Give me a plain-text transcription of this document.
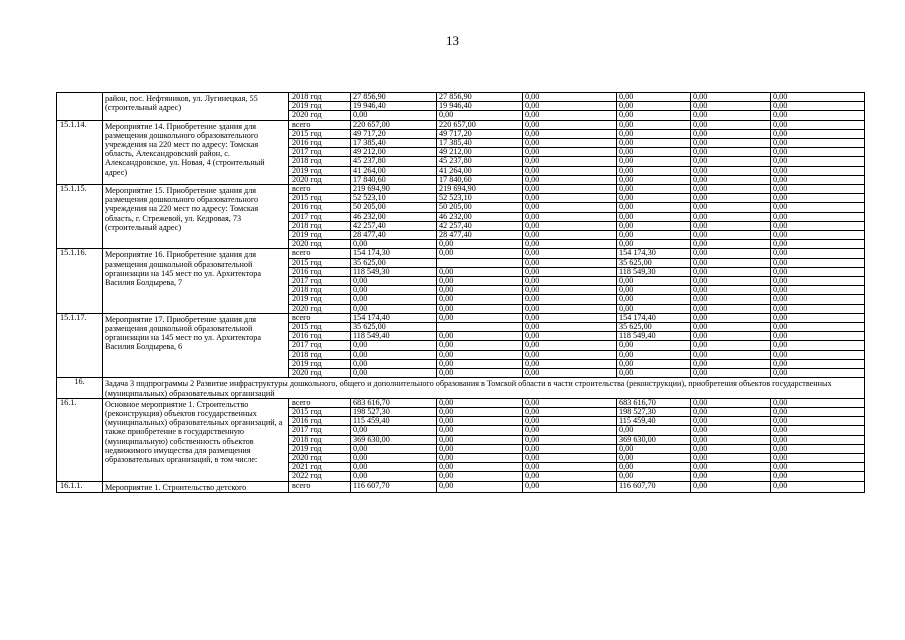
13
	район, пос. Нефтяников, ул. Лугинецкая, 55 (строительный адрес)	2018 год	27 856,90	27 856,90	0,00	0,00	0,00	0,00
		2019 год	19 946,40	19 946,40	0,00	0,00	0,00	0,00
		2020 год	0,00	0,00	0,00	0,00	0,00	0,00
15.1.14.	Мероприятие 14. Приобретение здания для размещения дошкольного образовательного учреждения на 220 мест по адресу: Томская область, Александровский район, с. Александровское, ул. Новая, 4 (строительный адрес)	всего	220 657,00	220 657,00	0,00	0,00	0,00	0,00
		2015 год	49 717,20	49 717,20	0,00	0,00	0,00	0,00
		2016 год	17 385,40	17 385,40	0,00	0,00	0,00	0,00
		2017 год	49 212,00	49 212,00	0,00	0,00	0,00	0,00
		2018 год	45 237,80	45 237,80	0,00	0,00	0,00	0,00
		2019 год	41 264,00	41 264,00	0,00	0,00	0,00	0,00
		2020 год	17 840,60	17 840,60	0,00	0,00	0,00	0,00
15.1.15.	Мероприятие 15. Приобретение здания для размещения дошкольного образовательного учреждения на 220 мест по адресу: Томская область, г. Стрежевой, ул. Кедровая, 73 (строительный адрес)	всего	219 694,90	219 694,90	0,00	0,00	0,00	0,00
		2015 год	52 523,10	52 523,10	0,00	0,00	0,00	0,00
		2016 год	50 205,00	50 205,00	0,00	0,00	0,00	0,00
		2017 год	46 232,00	46 232,00	0,00	0,00	0,00	0,00
		2018 год	42 257,40	42 257,40	0,00	0,00	0,00	0,00
		2019 год	28 477,40	28 477,40	0,00	0,00	0,00	0,00
		2020 год	0,00	0,00	0,00	0,00	0,00	0,00
15.1.16.	Мероприятие 16. Приобретение здания для размещения дошкольной образовательной организации на 145 мест по ул. Архитектора Василия Болдырева, 7	всего	154 174,30	0,00	0,00	154 174,30	0,00	0,00
		2015 год	35 625,00		0,00	35 625,00	0,00	0,00
		2016 год	118 549,30	0,00	0,00	118 549,30	0,00	0,00
		2017 год	0,00	0,00	0,00	0,00	0,00	0,00
		2018 год	0,00	0,00	0,00	0,00	0,00	0,00
		2019 год	0,00	0,00	0,00	0,00	0,00	0,00
		2020 год	0,00	0,00	0,00	0,00	0,00	0,00
15.1.17.	Мероприятие 17. Приобретение здания для размещения дошкольной образовательной организации на 145 мест по ул. Архитектора Василия Болдырева, 6	всего	154 174,40	0,00	0,00	154 174,40	0,00	0,00
		2015 год	35 625,00		0,00	35 625,00	0,00	0,00
		2016 год	118 549,40	0,00	0,00	118 549,40	0,00	0,00
		2017 год	0,00	0,00	0,00	0,00	0,00	0,00
		2018 год	0,00	0,00	0,00	0,00	0,00	0,00
		2019 год	0,00	0,00	0,00	0,00	0,00	0,00
		2020 год	0,00	0,00	0,00	0,00	0,00	0,00
16.	Задача 3 подпрограммы 2 Развитие инфраструктуры дошкольного, общего и дополнительного образования в Томской области в части строительства (реконструкции), приобретения объектов государственных (муниципальных) образовательных организаций							
16.1.	Основное мероприятие 1. Строительство (реконструкция) объектов государственных (муниципальных) образовательных организаций, а также приобретение в государственную (муниципальную) собственность объектов недвижимого имущества для размещения образовательных организаций, в том числе:	всего	683 616,70	0,00	0,00	683 616,70	0,00	0,00
		2015 год	198 527,30	0,00	0,00	198 527,30	0,00	0,00
		2016 год	115 459,40	0,00	0,00	115 459,40	0,00	0,00
		2017 год	0,00	0,00	0,00	0,00	0,00	0,00
		2018 год	369 630,00	0,00	0,00	369 630,00	0,00	0,00
		2019 год	0,00	0,00	0,00	0,00	0,00	0,00
		2020 год	0,00	0,00	0,00	0,00	0,00	0,00
		2021 год	0,00	0,00	0,00	0,00	0,00	0,00
		2022 год	0,00	0,00	0,00	0,00	0,00	0,00
16.1.1.	Мероприятие 1. Строительство детского	всего	116 607,70	0,00	0,00	116 607,70	0,00	0,00
